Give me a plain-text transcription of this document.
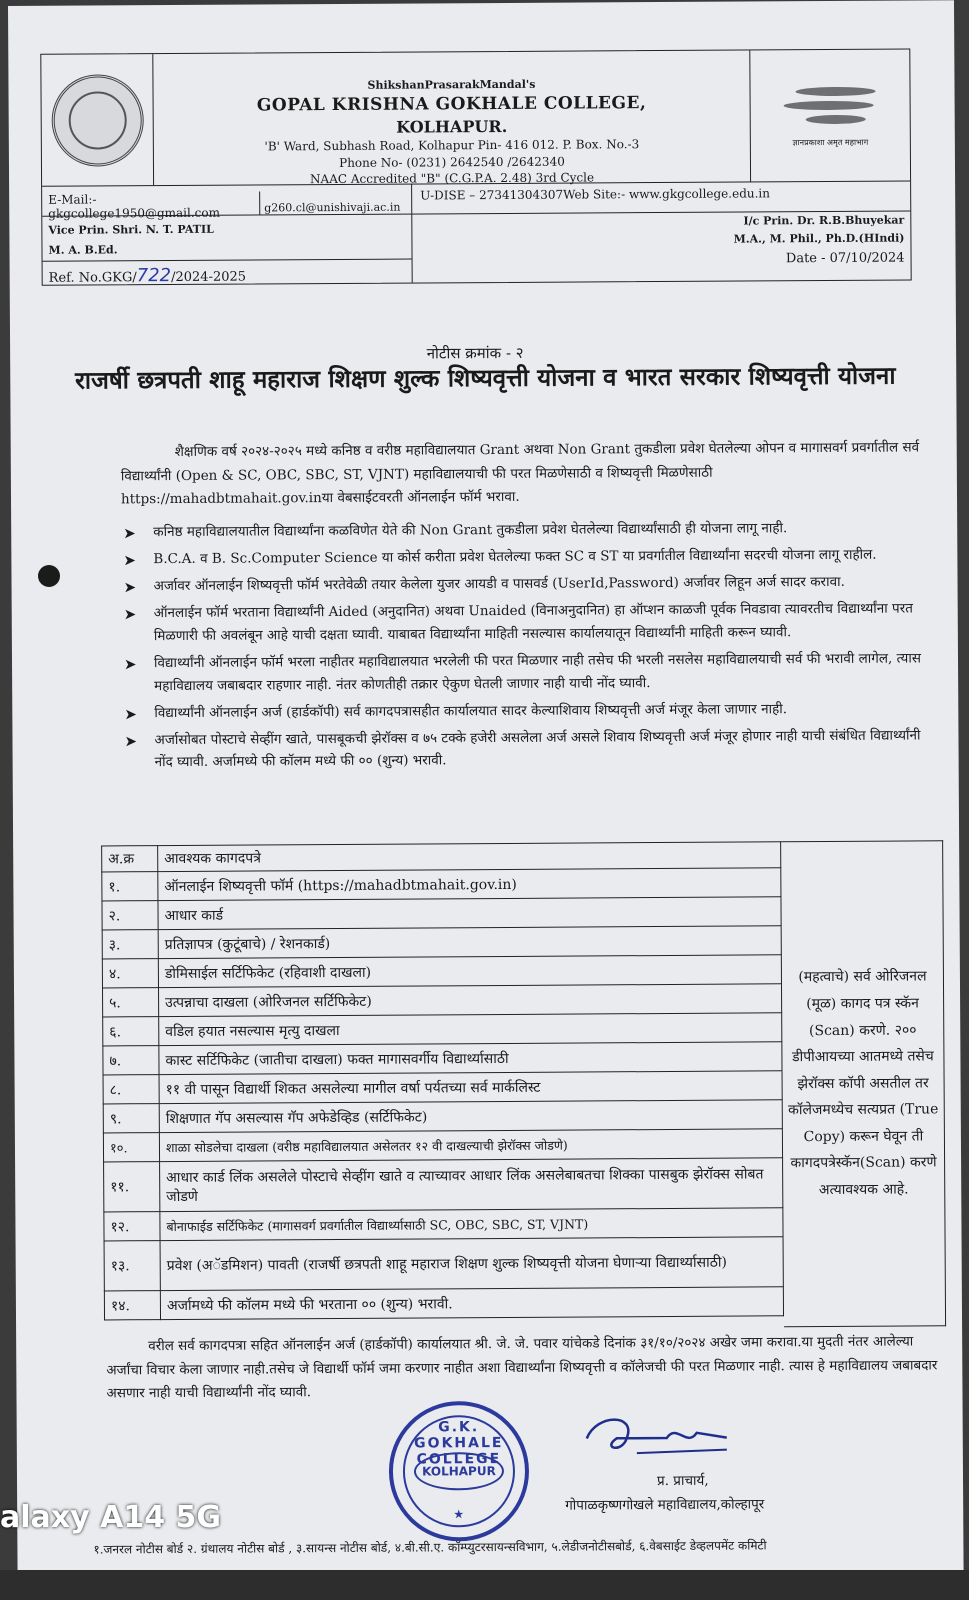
ShikshanPrasarakMandal's
GOPAL KRISHNA GOKHALE COLLEGE,
KOLHAPUR.
'B' Ward, Subhash Road, Kolhapur Pin- 416 012. P. Box. No.-3
Phone No- (0231) 2642540 /2642340
NAAC Accredited "B" (C.G.P.A. 2.48) 3rd Cycle
ज्ञानप्रकाशा अमृत महाभाग
E-Mail:- gkgcollege1950@gmail.com	g260.cl@unishivaji.ac.in
U-DISE – 27341304307Web Site:- www.gkgcollege.edu.in
Vice Prin. Shri. N. T. PATIL
M. A. B.Ed.
Ref. No.GKG/722/2024-2025
I/c Prin. Dr. R.B.Bhuyekar
M.A., M. Phil., Ph.D.(HIndi)
Date - 07/10/2024
नोटीस क्रमांक - २
राजर्षी छत्रपती शाहू महाराज शिक्षण शुल्क शिष्यवृत्ती योजना व भारत सरकार शिष्यवृत्ती योजना

शैक्षणिक वर्ष २०२४-२०२५ मध्ये कनिष्ठ व वरीष्ठ महाविद्यालयात Grant अथवा Non Grant तुकडीला प्रवेश घेतलेल्या ओपन व मागासवर्ग प्रवर्गातील सर्व विद्यार्थ्यांनी (Open & SC, OBC, SBC, ST, VJNT) महाविद्यालयाची फी परत मिळणेसाठी व शिष्यवृत्ती मिळणेसाठी https://mahadbtmahait.gov.inया वेबसाईटवरती ऑनलाईन फॉर्म भरावा.

➤ कनिष्ठ महाविद्यालयातील विद्यार्थ्यांना कळविणेत येते की Non Grant तुकडीला प्रवेश घेतलेल्या विद्यार्थ्यांसाठी ही योजना लागू नाही.
➤ B.C.A. व B. Sc.Computer Science या कोर्स करीता प्रवेश घेतलेल्या फक्त SC व ST या प्रवर्गातील विद्यार्थ्यांना सदरची योजना लागू राहील.
➤ अर्जावर ऑनलाईन शिष्यवृत्ती फॉर्म भरतेवेळी तयार केलेला युजर आयडी व पासवर्ड (UserId,Password) अर्जावर लिहून अर्ज सादर करावा.
➤ ऑनलाईन फॉर्म भरताना विद्यार्थ्यांनी Aided (अनुदानित) अथवा Unaided (विनाअनुदानित) हा ऑप्शन काळजी पूर्वक निवडावा त्यावरतीच विद्यार्थ्यांना परत मिळणारी फी अवलंबून आहे याची दक्षता घ्यावी. याबाबत विद्यार्थ्यांना माहिती नसल्यास कार्यालयातून विद्यार्थ्यांनी माहिती करून घ्यावी.
➤ विद्यार्थ्यांनी ऑनलाईन फॉर्म भरला नाहीतर महाविद्यालयात भरलेली फी परत मिळणार नाही तसेच फी भरली नसलेस महाविद्यालयाची सर्व फी भरावी लागेल, त्यास महाविद्यालय जबाबदार राहणार नाही. नंतर कोणतीही तक्रार ऐकुण घेतली जाणार नाही याची नोंद घ्यावी.
➤ विद्यार्थ्यांनी ऑनलाईन अर्ज (हार्डकॉपी) सर्व कागदपत्रासहीत कार्यालयात सादर केल्याशिवाय शिष्यवृत्ती अर्ज मंजूर केला जाणार नाही.
➤ अर्जासोबत पोस्टाचे सेव्हींग खाते, पासबूकची झेरॉक्स व ७५ टक्के हजेरी असलेला अर्ज असले शिवाय शिष्यवृत्ती अर्ज मंजूर होणार नाही याची संबंधित विद्यार्थ्यांनी नोंद घ्यावी. अर्जामध्ये फी कॉलम मध्ये फी ०० (शुन्य) भरावी.
अ.क्र	आवश्यक कागदपत्रे
१.	ऑनलाईन शिष्यवृत्ती फॉर्म (https://mahadbtmahait.gov.in)
२.	आधार कार्ड
३.	प्रतिज्ञापत्र (कुटूंबाचे) / रेशनकार्ड)
४.	डोमिसाईल सर्टिफिकेट (रहिवाशी दाखला)
५.	उत्पन्नाचा दाखला (ओरिजनल सर्टिफिकेट)
६.	वडिल हयात नसल्यास मृत्यु दाखला
७.	कास्ट सर्टिफिकेट (जातीचा दाखला) फक्त मागासवर्गीय विद्यार्थ्यासाठी
८.	११ वी पासून विद्यार्थी शिकत असलेल्या मागील वर्षा पर्यतच्या सर्व मार्कलिस्ट
९.	शिक्षणात गॅप असल्यास गॅप अफेडेव्हिड (सर्टिफिकेट)
१०.	शाळा सोडलेचा दाखला (वरीष्ठ महाविद्यालयात असेलतर १२ वी दाखल्याची झेरॉक्स जोडणे)
११.	आधार कार्ड लिंक असलेले पोस्टाचे सेव्हींग खाते व त्याच्यावर आधार लिंक असलेबाबतचा शिक्का पासबुक झेरॉक्स सोबत जोडणे
१२.	बोनाफाईड सर्टिफिकेट (मागासवर्ग प्रवर्गातील विद्यार्थ्यासाठी SC, OBC, SBC, ST, VJNT)
१३.	प्रवेश (अॅडमिशन) पावती (राजर्षी छत्रपती शाहू महाराज शिक्षण शुल्क शिष्यवृत्ती योजना घेणाऱ्या विद्यार्थ्यासाठी)
१४.	अर्जामध्ये फी कॉलम मध्ये फी भरताना ०० (शुन्य) भरावी.
(महत्वाचे) सर्व ओरिजनल (मूळ) कागद पत्र स्कॅन (Scan) करणे. २०० डीपीआयच्या आतमध्ये तसेच झेरॉक्स कॉपी असतील तर कॉलेजमध्येच सत्यप्रत (True Copy) करून घेवून ती कागदपत्रेस्कॅन(Scan) करणे अत्यावश्यक आहे.

वरील सर्व कागदपत्रा सहित ऑनलाईन अर्ज (हार्डकॉपी) कार्यालयात श्री. जे. जे. पवार यांचेकडे दिनांक ३१/१०/२०२४ अखेर जमा करावा.या मुदती नंतर आलेल्या अर्जांचा विचार केला जाणार नाही.तसेच जे विद्यार्थी फॉर्म जमा करणार नाहीत अशा विद्यार्थ्यांना शिष्यवृत्ती व कॉलेजची फी परत मिळणार नाही. त्यास हे महाविद्यालय जबाबदार असणार नाही याची विद्यार्थ्यांनी नोंद घ्यावी.

G.K. GOKHALE COLLEGE
KOLHAPUR
★
प्र. प्राचार्य,
गोपाळकृष्णगोखले महाविद्यालय,कोल्हापूर
१.जनरल नोटीस बोर्ड २. ग्रंथालय नोटीस बोर्ड , ३.सायन्स नोटीस बोर्ड, ४.बी.सी.ए. कॉम्प्युटरसायन्सविभाग, ५.लेडीजनोटीसबोर्ड, ६.वेबसाईट डेव्हलपमेंट कमिटी
alaxy A14 5G
